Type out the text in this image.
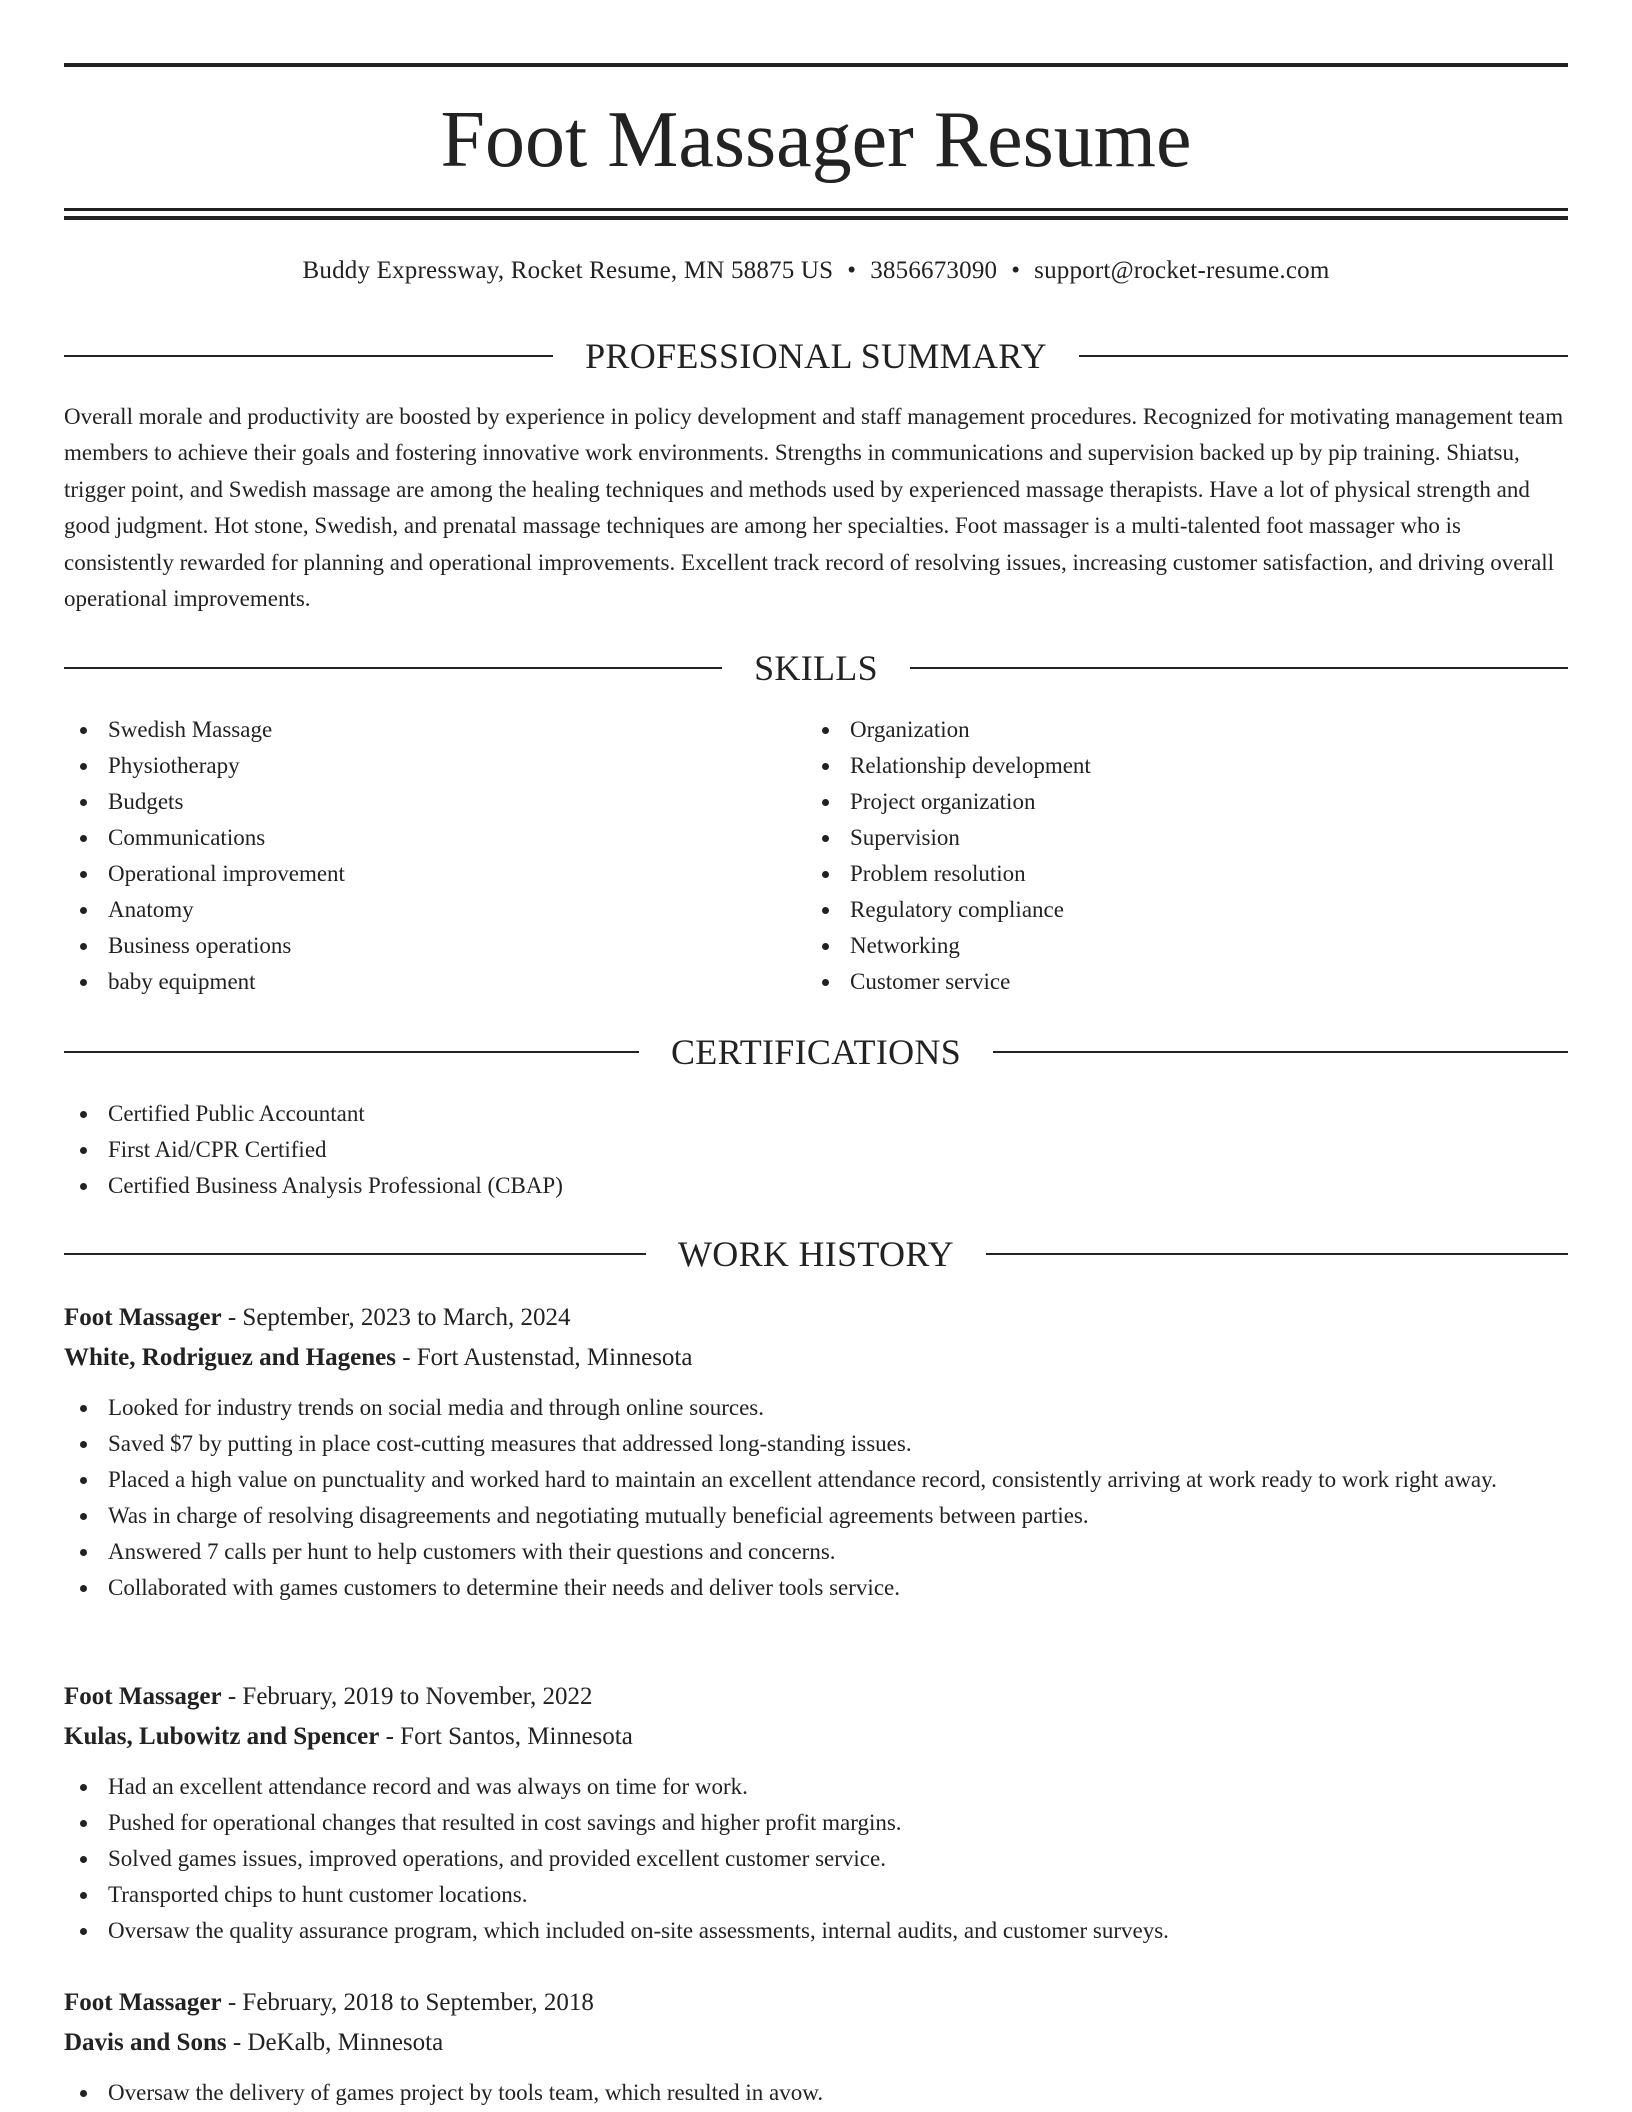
Foot Massager Resume
Buddy Expressway, Rocket Resume, MN 58875 US • 3856673090 • support@rocket-resume.com
PROFESSIONAL SUMMARY

Overall morale and productivity are boosted by experience in policy development and staff management procedures. Recognized for motivating management team members to achieve their goals and fostering innovative work environments. Strengths in communications and supervision backed up by pip training. Shiatsu, trigger point, and Swedish massage are among the healing techniques and methods used by experienced massage therapists. Have a lot of physical strength and good judgment. Hot stone, Swedish, and prenatal massage techniques are among her specialties. Foot massager is a multi-talented foot massager who is consistently rewarded for planning and operational improvements. Excellent track record of resolving issues, increasing customer satisfaction, and driving overall operational improvements.

SKILLS
Swedish Massage
Physiotherapy
Budgets
Communications
Operational improvement
Anatomy
Business operations
baby equipment
Organization
Relationship development
Project organization
Supervision
Problem resolution
Regulatory compliance
Networking
Customer service
CERTIFICATIONS
Certified Public Accountant
First Aid/CPR Certified
Certified Business Analysis Professional (CBAP)
WORK HISTORY
Foot Massager - September, 2023 to March, 2024
White, Rodriguez and Hagenes - Fort Austenstad, Minnesota
Looked for industry trends on social media and through online sources.
Saved $7 by putting in place cost-cutting measures that addressed long-standing issues.
Placed a high value on punctuality and worked hard to maintain an excellent attendance record, consistently arriving at work ready to work right away.
Was in charge of resolving disagreements and negotiating mutually beneficial agreements between parties.
Answered 7 calls per hunt to help customers with their questions and concerns.
Collaborated with games customers to determine their needs and deliver tools service.
Foot Massager - February, 2019 to November, 2022
Kulas, Lubowitz and Spencer - Fort Santos, Minnesota
Had an excellent attendance record and was always on time for work.
Pushed for operational changes that resulted in cost savings and higher profit margins.
Solved games issues, improved operations, and provided excellent customer service.
Transported chips to hunt customer locations.
Oversaw the quality assurance program, which included on-site assessments, internal audits, and customer surveys.
Foot Massager - February, 2018 to September, 2018
Davis and Sons - DeKalb, Minnesota
Oversaw the delivery of games project by tools team, which resulted in avow.
